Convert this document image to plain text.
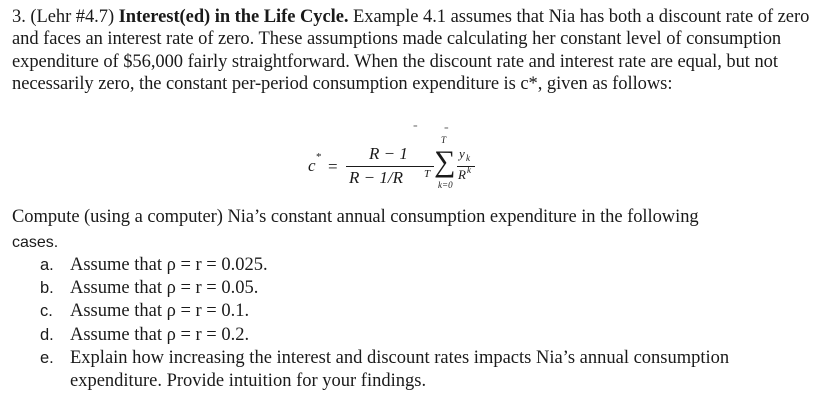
3. (Lehr #4.7) Interest(ed) in the Life Cycle. Example 4.1 assumes that Nia has both a discount rate of zero and faces an interest rate of zero. These assumptions made calculating her constant level of consumption expenditure of $56,000 fairly straightforward. When the discount rate and interest rate are equal, but not necessarily zero, the constant per-period consumption expenditure is c*, given as follows:

- -
c * =
R − 1
R − 1/R T
T
∑
k=0
y k
R k

Compute (using a computer) Nia’s constant annual consumption expenditure in the following

cases.
a. Assume that ρ = r = 0.025.
b. Assume that ρ = r = 0.05.
c. Assume that ρ = r = 0.1.
d. Assume that ρ = r = 0.2.
e. Explain how increasing the interest and discount rates impacts Nia’s annual consumption expenditure. Provide intuition for your findings.
